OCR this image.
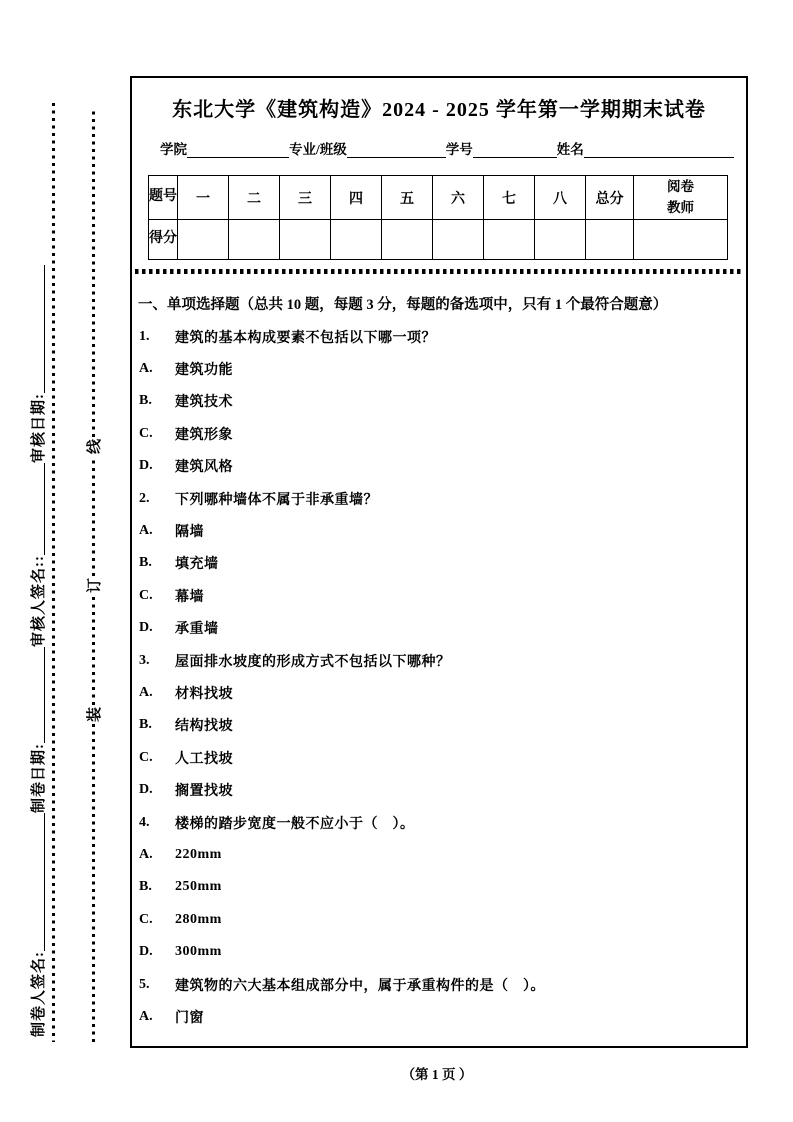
制卷人签名:
制卷日期:
审核人签名::
审核日期:
装
订
线
东北大学《建筑构造》2024 - 2025 学年第一学期期末试卷
学院	专业/班级	学号	姓名
题号	一	二	三	四	五	六	七	八	总分	阅卷教师
得分										
一、单项选择题（总共 10 题，每题 3 分，每题的备选项中，只有 1 个最符合题意）
1.	建筑的基本构成要素不包括以下哪一项？
A.	建筑功能
B.	建筑技术
C.	建筑形象
D.	建筑风格
2.	下列哪种墙体不属于非承重墙？
A.	隔墙
B.	填充墙
C.	幕墙
D.	承重墙
3.	屋面排水坡度的形成方式不包括以下哪种？
A.	材料找坡
B.	结构找坡
C.	人工找坡
D.	搁置找坡
4.	楼梯的踏步宽度一般不应小于（　）。
A.	220mm
B.	250mm
C.	280mm
D.	300mm
5.	建筑物的六大基本组成部分中，属于承重构件的是（　）。
A.	门窗
（第 1 页 ）
